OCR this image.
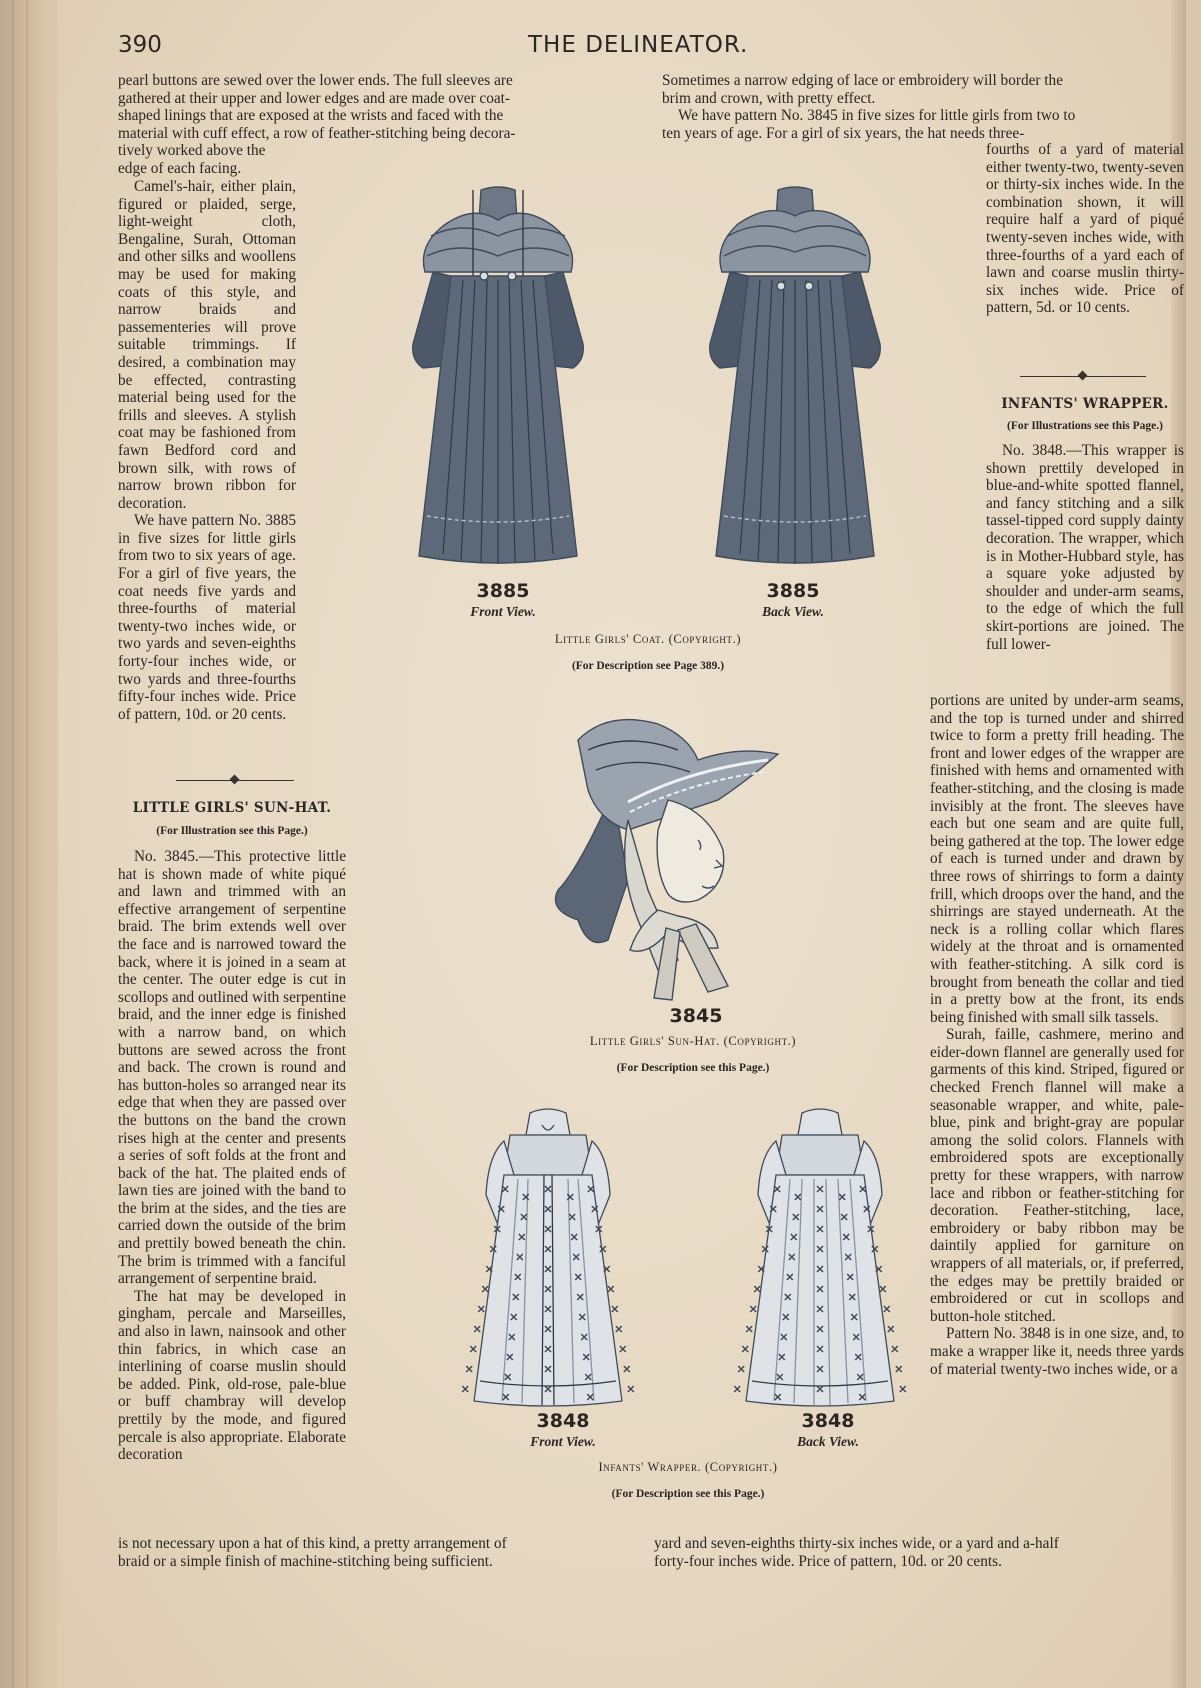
390	THE DELINEATOR.

pearl buttons are sewed over the lower ends. The full sleeves are

gathered at their upper and lower edges and are made over coat-

shaped linings that are exposed at the wrists and faced with the

material with cuff effect, a row of feather-stitching being decora-

tively worked above the

edge of each facing.

Sometimes a narrow edging of lace or embroidery will border the

brim and crown, with pretty effect.

We have pattern No. 3845 in five sizes for little girls from two to

ten years of age. For a girl of six years, the hat needs three-

Camel's-hair, either plain, figured or plaided, serge, light-weight cloth, Bengaline, Surah, Ottoman and other silks and woollens may be used for making coats of this style, and narrow braids and passementeries will prove suitable trimmings. If desired, a combination may be effected, contrasting material being used for the frills and sleeves. A stylish coat may be fashioned from fawn Bedford cord and brown silk, with rows of narrow brown ribbon for decoration.

We have pattern No. 3885 in five sizes for little girls from two to six years of age. For a girl of five years, the coat needs five yards and three-fourths of material twenty-two inches wide, or two yards and seven-eighths forty-four inches wide, or two yards and three-fourths fifty-four inches wide. Price of pattern, 10d. or 20 cents.

LITTLE GIRLS' SUN-HAT.
(For Illustration see this Page.)

No. 3845.—This protective little hat is shown made of white piqué and lawn and trimmed with an effective arrangement of serpentine braid. The brim extends well over the face and is narrowed toward the back, where it is joined in a seam at the center. The outer edge is cut in scollops and outlined with serpentine braid, and the inner edge is finished with a narrow band, on which buttons are sewed across the front and back. The crown is round and has button-holes so arranged near its edge that when they are passed over the buttons on the band the crown rises high at the center and presents a series of soft folds at the front and back of the hat. The plaited ends of lawn ties are joined with the band to the brim at the sides, and the ties are carried down the outside of the brim and prettily bowed beneath the chin. The brim is trimmed with a fanciful arrangement of serpentine braid.

The hat may be developed in gingham, percale and Marseilles, and also in lawn, nainsook and other thin fabrics, in which case an interlining of coarse muslin should be added. Pink, old-rose, pale-blue or buff chambray will develop prettily by the mode, and figured percale is also appropriate. Elaborate decoration

fourths of a yard of material either twenty-two, twenty-seven or thirty-six inches wide. In the combination shown, it will require half a yard of piqué twenty-seven inches wide, with three-fourths of a yard each of lawn and coarse muslin thirty-six inches wide. Price of pattern, 5d. or 10 cents.

INFANTS' WRAPPER.
(For Illustrations see this Page.)

No. 3848.—This wrapper is shown prettily developed in blue-and-white spotted flannel, and fancy stitching and a silk tassel-tipped cord supply dainty decoration. The wrapper, which is in Mother-Hubbard style, has a square yoke adjusted by shoulder and under-arm seams, to the edge of which the full skirt-portions are joined. The full lower-

portions are united by under-arm seams, and the top is turned under and shirred twice to form a pretty frill heading. The front and lower edges of the wrapper are finished with hems and ornamented with feather-stitching, and the closing is made invisibly at the front. The sleeves have each but one seam and are quite full, being gathered at the top. The lower edge of each is turned under and drawn by three rows of shirrings to form a dainty frill, which droops over the hand, and the shirrings are stayed underneath. At the neck is a rolling collar which flares widely at the throat and is ornamented with feather-stitching. A silk cord is brought from beneath the collar and tied in a pretty bow at the front, its ends being finished with small silk tassels.

Surah, faille, cashmere, merino and eider-down flannel are generally used for garments of this kind. Striped, figured or checked French flannel will make a seasonable wrapper, and white, pale-blue, pink and bright-gray are popular among the solid colors. Flannels with embroidered spots are exceptionally pretty for these wrappers, with narrow lace and ribbon or feather-stitching for decoration. Feather-stitching, lace, embroidery or baby ribbon may be daintily applied for garniture on wrappers of all materials, or, if preferred, the edges may be prettily braided or embroidered or cut in scollops and button-hole stitched.

Pattern No. 3848 is in one size, and, to make a wrapper like it, needs three yards of material twenty-two inches wide, or a

is not necessary upon a hat of this kind, a pretty arrangement of

braid or a simple finish of machine-stitching being sufficient.

yard and seven-eighths thirty-six inches wide, or a yard and a-half

forty-four inches wide. Price of pattern, 10d. or 20 cents.

3885
Front View.
3885
Back View.
Little Girls' Coat. (Copyright.)
(For Description see Page 389.)
3845
Little Girls' Sun-Hat. (Copyright.)
(For Description see this Page.)
3848
Front View.
3848
Back View.
Infants' Wrapper. (Copyright.)
(For Description see this Page.)
